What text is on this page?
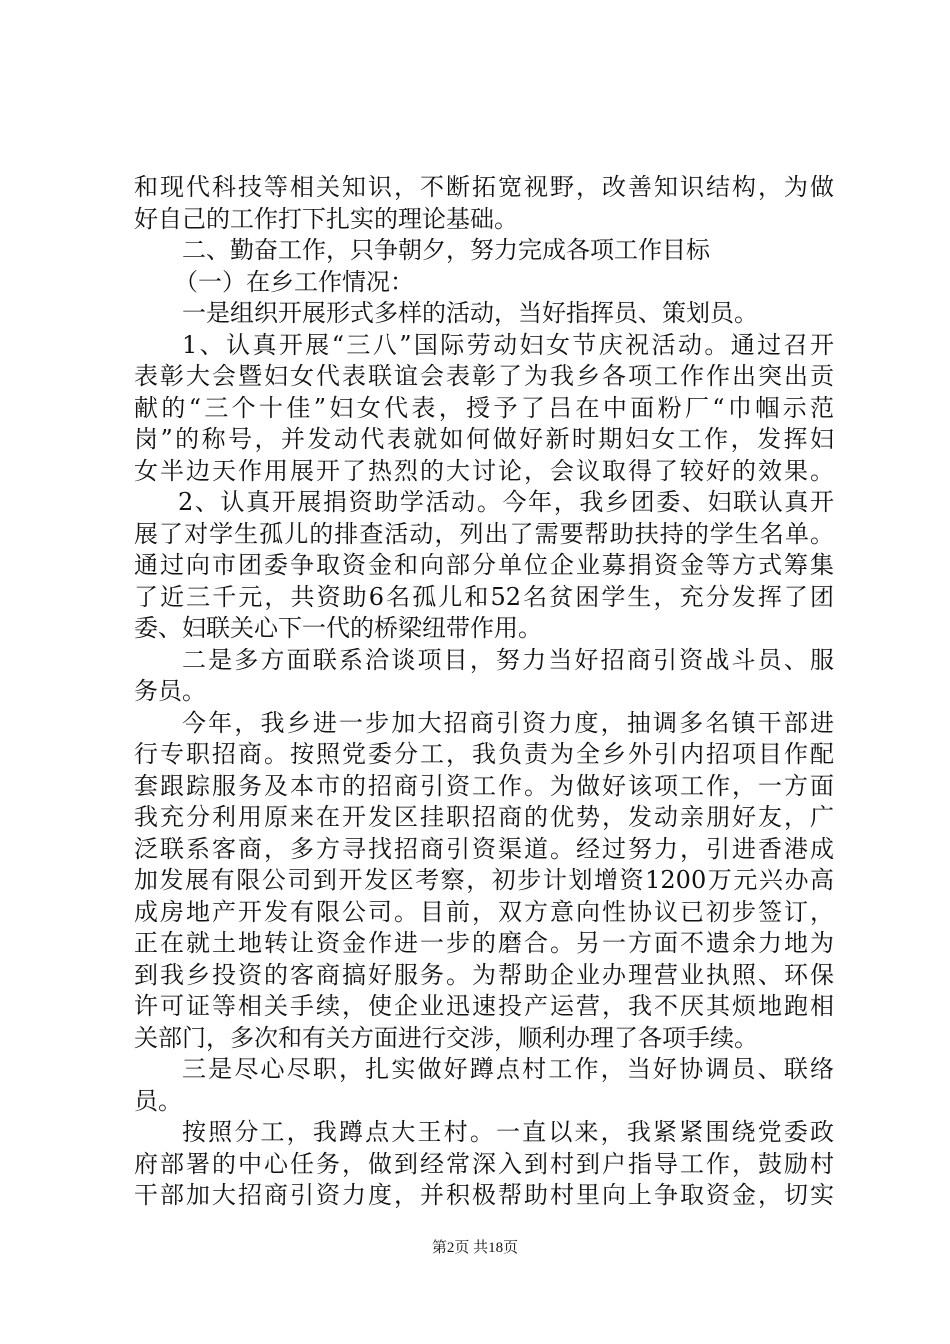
和现代科技等相关知识，不断拓宽视野，改善知识结构，为做
好自己的工作打下扎实的理论基础。
二、勤奋工作，只争朝夕，努力完成各项工作目标
（一）在乡工作情况：
一是组织开展形式多样的活动，当好指挥员、策划员。
1、认真开展“三八”国际劳动妇女节庆祝活动。通过召开
表彰大会暨妇女代表联谊会表彰了为我乡各项工作作出突出贡
献的“三个十佳”妇女代表，授予了吕在中面粉厂“巾帼示范
岗”的称号，并发动代表就如何做好新时期妇女工作，发挥妇
女半边天作用展开了热烈的大讨论，会议取得了较好的效果。
2、认真开展捐资助学活动。今年，我乡团委、妇联认真开
展了对学生孤儿的排查活动，列出了需要帮助扶持的学生名单。
通过向市团委争取资金和向部分单位企业募捐资金等方式筹集
了近三千元，共资助6名孤儿和52名贫困学生，充分发挥了团
委、妇联关心下一代的桥梁纽带作用。
二是多方面联系洽谈项目，努力当好招商引资战斗员、服
务员。
今年，我乡进一步加大招商引资力度，抽调多名镇干部进
行专职招商。按照党委分工，我负责为全乡外引内招项目作配
套跟踪服务及本市的招商引资工作。为做好该项工作，一方面
我充分利用原来在开发区挂职招商的优势，发动亲朋好友，广
泛联系客商，多方寻找招商引资渠道。经过努力，引进香港成
加发展有限公司到开发区考察，初步计划增资1200万元兴办高
成房地产开发有限公司。目前，双方意向性协议已初步签订，
正在就土地转让资金作进一步的磨合。另一方面不遗余力地为
到我乡投资的客商搞好服务。为帮助企业办理营业执照、环保
许可证等相关手续，使企业迅速投产运营，我不厌其烦地跑相
关部门，多次和有关方面进行交涉，顺利办理了各项手续。
三是尽心尽职，扎实做好蹲点村工作，当好协调员、联络
员。
按照分工，我蹲点大王村。一直以来，我紧紧围绕党委政
府部署的中心任务，做到经常深入到村到户指导工作，鼓励村
干部加大招商引资力度，并积极帮助村里向上争取资金，切实
第2页 共18页
